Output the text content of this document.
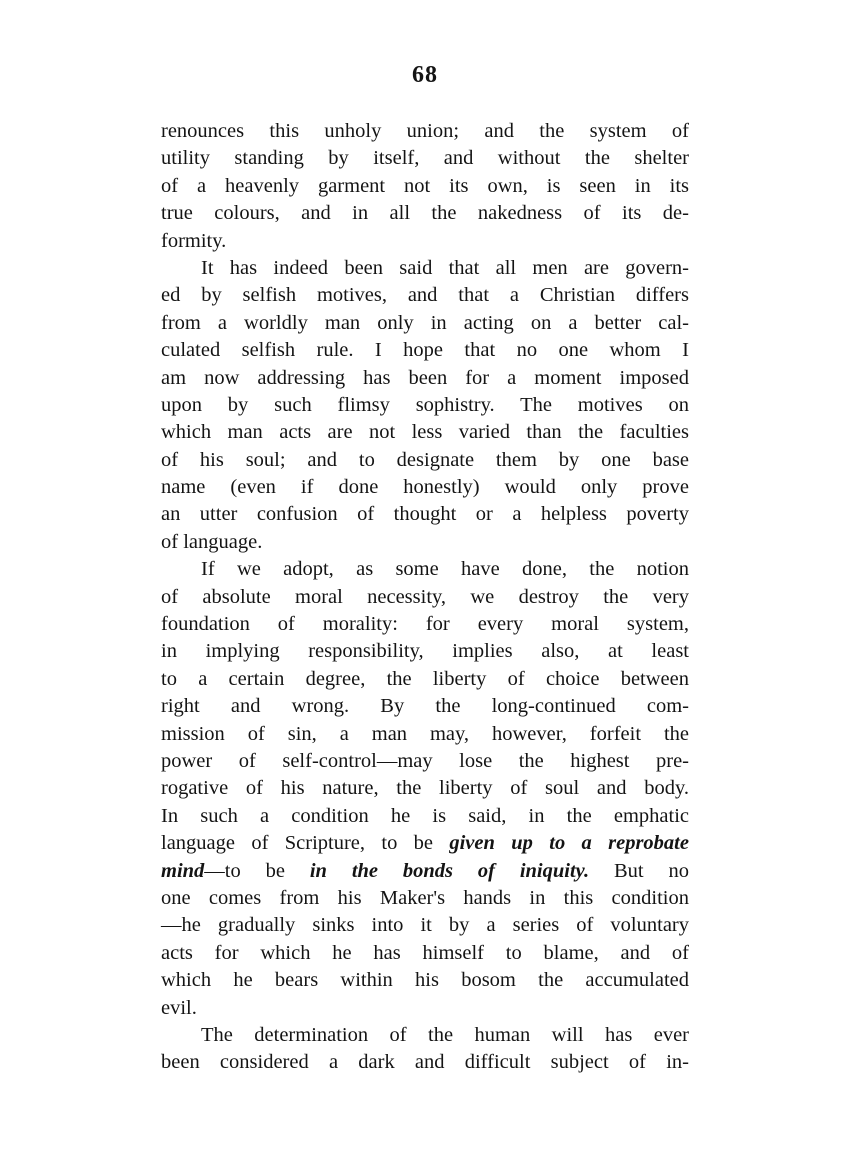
68
renounces this unholy union; and the system of
utility standing by itself, and without the shelter
of a heavenly garment not its own, is seen in its
true colours, and in all the nakedness of its de-
formity.
It has indeed been said that all men are govern-
ed by selfish motives, and that a Christian differs
from a worldly man only in acting on a better cal-
culated selfish rule. I hope that no one whom I
am now addressing has been for a moment imposed
upon by such flimsy sophistry. The motives on
which man acts are not less varied than the faculties
of his soul; and to designate them by one base
name (even if done honestly) would only prove
an utter confusion of thought or a helpless poverty
of language.
If we adopt, as some have done, the notion
of absolute moral necessity, we destroy the very
foundation of morality: for every moral system,
in implying responsibility, implies also, at least
to a certain degree, the liberty of choice between
right and wrong. By the long-continued com-
mission of sin, a man may, however, forfeit the
power of self-control—may lose the highest pre-
rogative of his nature, the liberty of soul and body.
In such a condition he is said, in the emphatic
language of Scripture, to be given up to a reprobate
mind—to be in the bonds of iniquity. But no
one comes from his Maker's hands in this condition
—he gradually sinks into it by a series of voluntary
acts for which he has himself to blame, and of
which he bears within his bosom the accumulated
evil.
The determination of the human will has ever
been considered a dark and difficult subject of in-
